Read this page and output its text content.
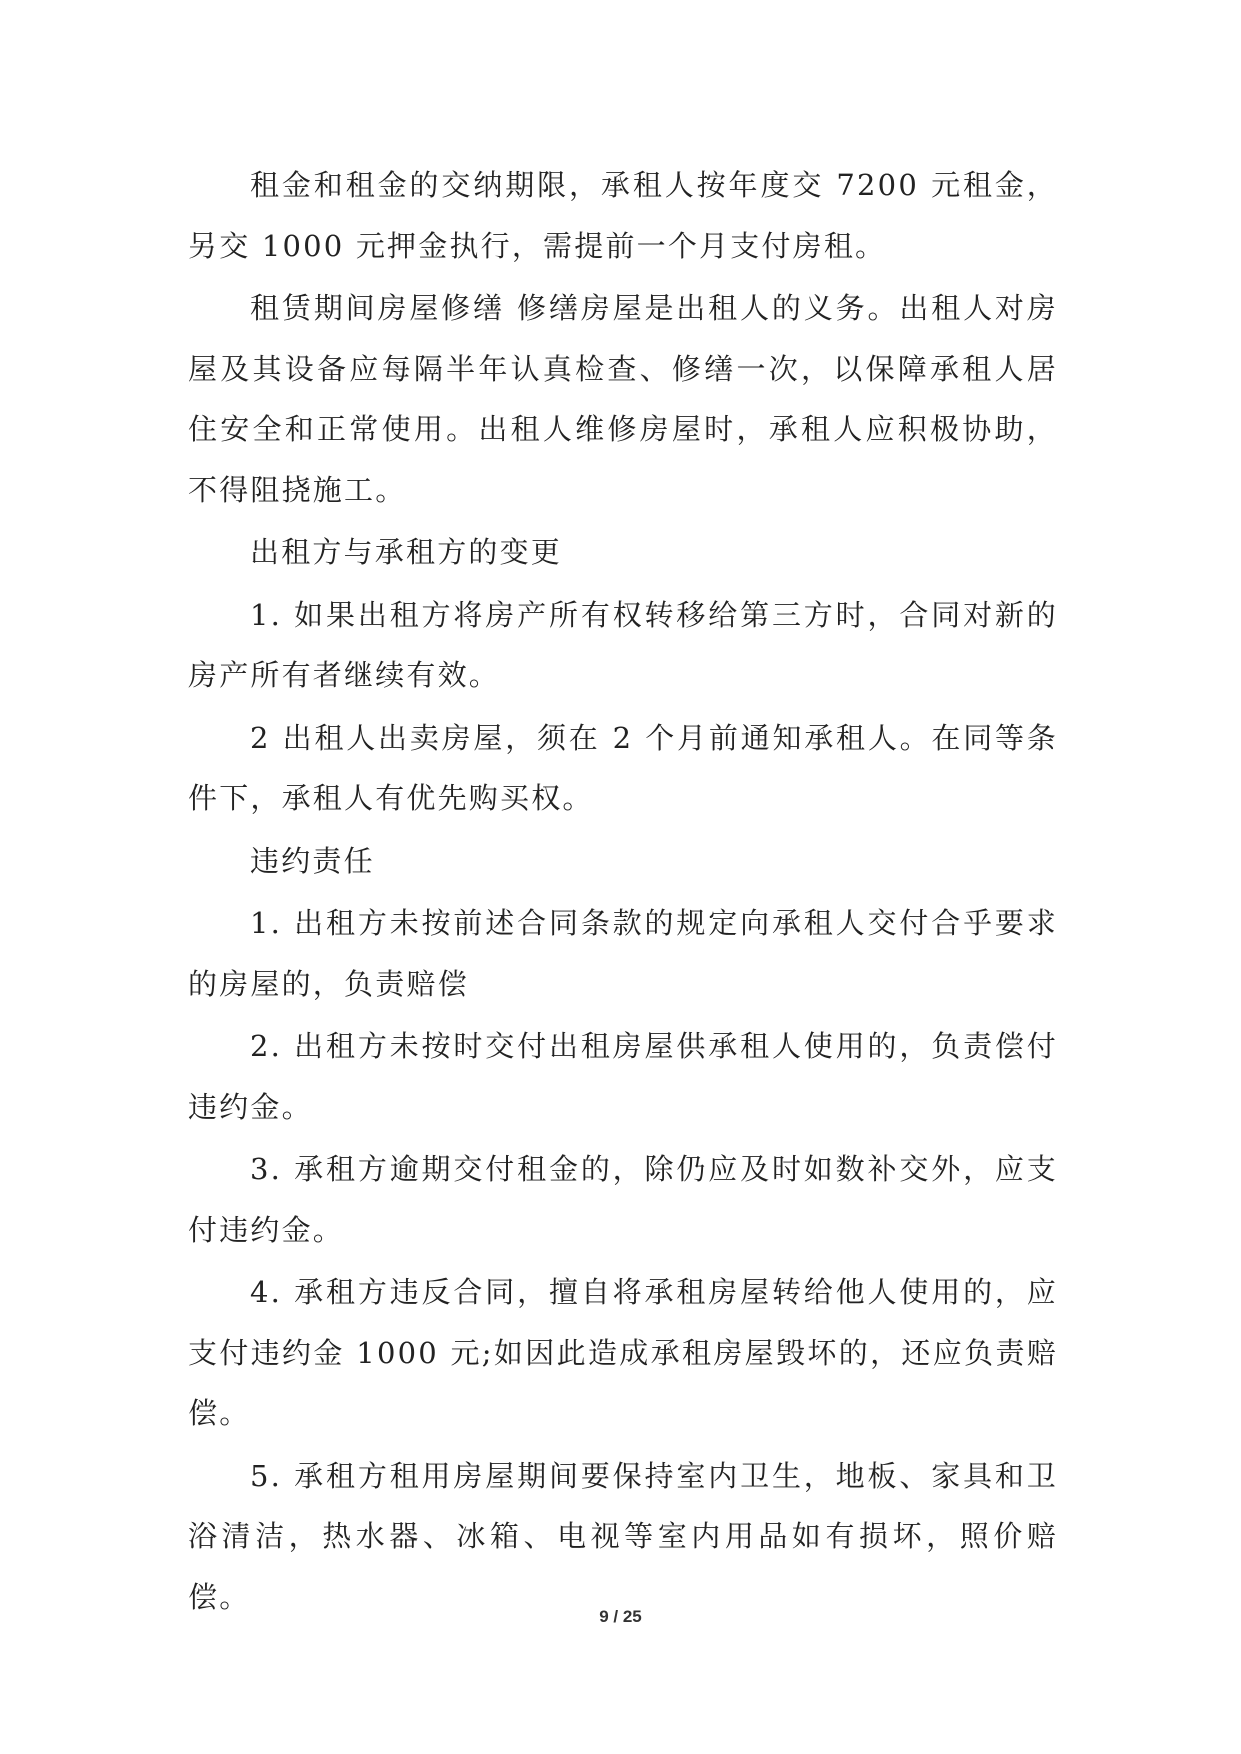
租金和租金的交纳期限，承租人按年度交 7200 元租金，另交 1000 元押金执行，需提前一个月支付房租。

租赁期间房屋修缮 修缮房屋是出租人的义务。出租人对房屋及其设备应每隔半年认真检查、修缮一次，以保障承租人居住安全和正常使用。出租人维修房屋时，承租人应积极协助，不得阻挠施工。

出租方与承租方的变更

1. 如果出租方将房产所有权转移给第三方时，合同对新的房产所有者继续有效。

2 出租人出卖房屋，须在 2 个月前通知承租人。在同等条件下，承租人有优先购买权。

违约责任

1. 出租方未按前述合同条款的规定向承租人交付合乎要求的房屋的，负责赔偿

2. 出租方未按时交付出租房屋供承租人使用的，负责偿付违约金。

3. 承租方逾期交付租金的，除仍应及时如数补交外，应支付违约金。

4. 承租方违反合同，擅自将承租房屋转给他人使用的，应支付违约金 1000 元;如因此造成承租房屋毁坏的，还应负责赔偿。

5. 承租方租用房屋期间要保持室内卫生，地板、家具和卫浴清洁，热水器、冰箱、电视等室内用品如有损坏，照价赔偿。

9 / 25
